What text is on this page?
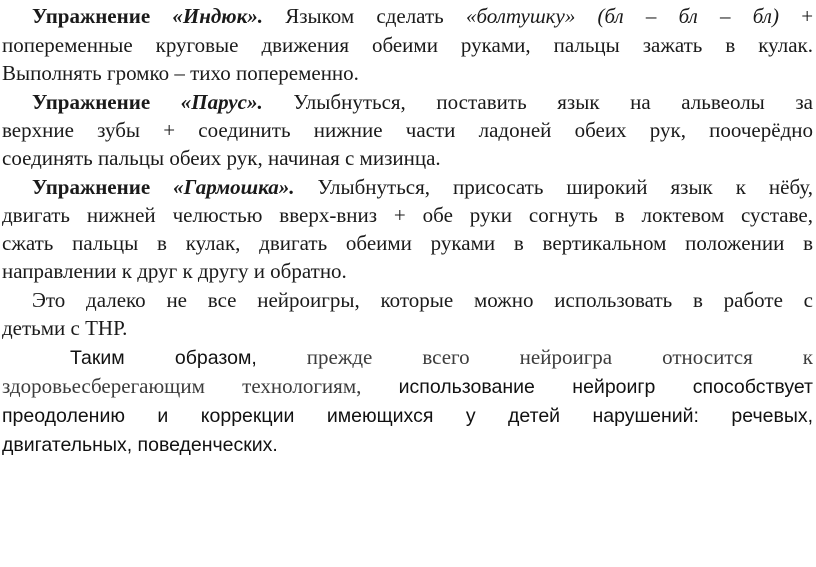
Упражнение «Индюк». Языком сделать «болтушку» (бл – бл – бл) +
попеременные круговые движения обеими руками, пальцы зажать в кулак.
Выполнять громко – тихо попеременно.
Упражнение «Парус». Улыбнуться, поставить язык на альвеолы за
верхние зубы + соединить нижние части ладоней обеих рук, поочерёдно
соединять пальцы обеих рук, начиная с мизинца.
Упражнение «Гармошка». Улыбнуться, присосать широкий язык к нёбу,
двигать нижней челюстью вверх-вниз + обе руки согнуть в локтевом суставе,
сжать пальцы в кулак, двигать обеими руками в вертикальном положении в
направлении к друг к другу и обратно.
Это далеко не все нейроигры, которые можно использовать в работе с
детьми с ТНР.
Таким образом, прежде всего нейроигра относится к
здоровьесберегающим технологиям, использование нейроигр способствует
преодолению и коррекции имеющихся у детей нарушений: речевых,
двигательных, поведенческих.
